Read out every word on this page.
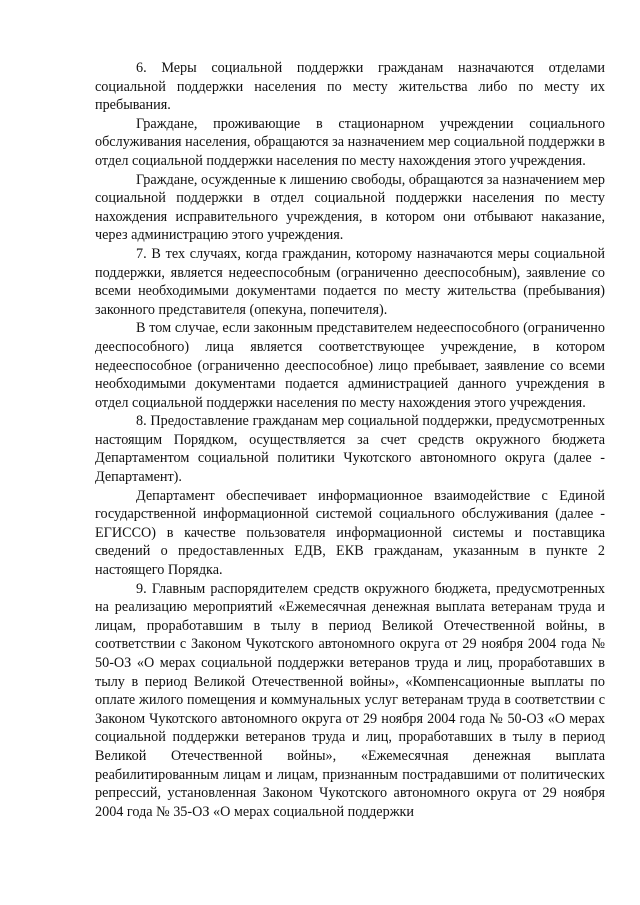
6. Меры социальной поддержки гражданам назначаются отделами социальной поддержки населения по месту жительства либо по месту их пребывания.

Граждане, проживающие в стационарном учреждении социального обслуживания населения, обращаются за назначением мер социальной поддержки в отдел социальной поддержки населения по месту нахождения этого учреждения.

Граждане, осужденные к лишению свободы, обращаются за назначением мер социальной поддержки в отдел социальной поддержки населения по месту нахождения исправительного учреждения, в котором они отбывают наказание, через администрацию этого учреждения.

7. В тех случаях, когда гражданин, которому назначаются меры социальной поддержки, является недееспособным (ограниченно дееспособным), заявление со всеми необходимыми документами подается по месту жительства (пребывания) законного представителя (опекуна, попечителя).

В том случае, если законным представителем недееспособного (ограниченно дееспособного) лица является соответствующее учреждение, в котором недееспособное (ограниченно дееспособное) лицо пребывает, заявление со всеми необходимыми документами подается администрацией данного учреждения в отдел социальной поддержки населения по месту нахождения этого учреждения.

8. Предоставление гражданам мер социальной поддержки, предусмотренных настоящим Порядком, осуществляется за счет средств окружного бюджета Департаментом социальной политики Чукотского автономного округа (далее - Департамент).

Департамент обеспечивает информационное взаимодействие с Единой государственной информационной системой социального обслуживания (далее - ЕГИССО) в качестве пользователя информационной системы и поставщика сведений о предоставленных ЕДВ, ЕКВ гражданам, указанным в пункте 2 настоящего Порядка.

9. Главным распорядителем средств окружного бюджета, предусмотренных на реализацию мероприятий «Ежемесячная денежная выплата ветеранам труда и лицам, проработавшим в тылу в период Великой Отечественной войны, в соответствии с Законом Чукотского автономного округа от 29 ноября 2004 года № 50-ОЗ «О мерах социальной поддержки ветеранов труда и лиц, проработавших в тылу в период Великой Отечественной войны», «Компенсационные выплаты по оплате жилого помещения и коммунальных услуг ветеранам труда в соответствии с Законом Чукотского автономного округа от 29 ноября 2004 года № 50-ОЗ «О мерах социальной поддержки ветеранов труда и лиц, проработавших в тылу в период Великой Отечественной войны», «Ежемесячная денежная выплата реабилитированным лицам и лицам, признанным пострадавшими от политических репрессий, установленная Законом Чукотского автономного округа от 29 ноября 2004 года № 35-ОЗ «О мерах социальной поддержки
